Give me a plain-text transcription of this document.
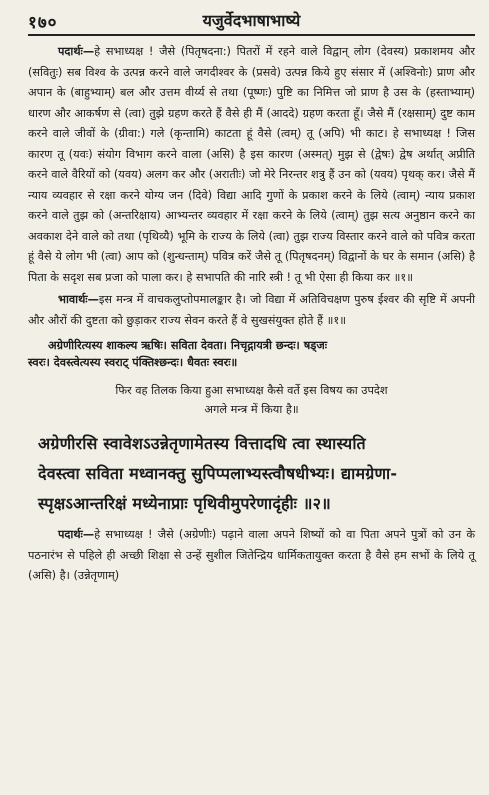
१७०	यजुर्वेदभाषाभाष्ये

पदार्थः—हे सभाध्यक्ष ! जैसे (पितृषदना:) पितरों में रहने वाले विद्वान् लोग (देवस्य) प्रकाशमय और (सवितुः) सब विश्व के उत्पन्न करने वाले जगदीश्वर के (प्रसवे) उत्पन्न किये हुए संसार में (अश्विनोः) प्राण और अपान के (बाहुभ्याम्) बल और उत्तम वीर्य्य से तथा (पूष्णः) पुष्टि का निमित्त जो प्राण है उस के (हस्ताभ्याम्) धारण और आकर्षण से (त्वा) तुझे ग्रहण करते हैं वैसे ही मैं (आददे) ग्रहण करता हूँ। जैसे मैं (रक्षसाम्) दुष्ट काम करने वाले जीवों के (ग्रीवा:) गले (कृन्तामि) काटता हूं वैसे (त्वम्) तू (अपि) भी काट। हे सभाध्यक्ष ! जिस कारण तू (यवः) संयोग विभाग करने वाला (असि) है इस कारण (अस्मत्) मुझ से (द्वेषः) द्वेष अर्थात् अप्रीति करने वाले वैरियों को (यवय) अलग कर और (अरातीः) जो मेरे निरन्तर शत्रु हैं उन को (यवय) पृथक् कर। जैसे मैं न्याय व्यवहार से रक्षा करने योग्य जन (दिवे) विद्या आदि गुणों के प्रकाश करने के लिये (त्वाम्) न्याय प्रकाश करने वाले तुझ को (अन्तरिक्षाय) आभ्यन्तर व्यवहार में रक्षा करने के लिये (त्वाम्) तुझ सत्य अनुष्ठान करने का अवकाश देने वाले को तथा (पृथिव्यै) भूमि के राज्य के लिये (त्वा) तुझ राज्य विस्तार करने वाले को पवित्र करता हूं वैसे ये लोग भी (त्वा) आप को (शुन्धन्ताम्) पवित्र करें जैसे तू (पितृषदनम्) विद्वानों के घर के समान (असि) है पिता के सदृश सब प्रजा को पाला कर। हे सभापति की नारि स्त्री ! तू भी ऐसा ही किया कर ॥१॥

भावार्थः—इस मन्त्र में वाचकलुप्तोपमालङ्कार है। जो विद्या में अतिविचक्षण पुरुष ईश्वर की सृष्टि में अपनी और औरों की दुष्टता को छुड़ाकर राज्य सेवन करते हैं वे सुखसंयुक्त होते हैं ॥१॥

अग्रेणीरित्यस्य शाकल्य ऋषिः। सविता देवता। निचृद्गायत्री छन्दः। षड्जः
स्वरः। देवस्त्वेत्यस्य स्वराट् पंक्तिश्छन्दः। धैवतः स्वरः॥
फिर वह तिलक किया हुआ सभाध्यक्ष कैसे वर्ते इस विषय का उपदेश
अगले मन्त्र में किया है॥
अग्रेणीरसि स्वावेशऽउन्नेतृणामेतस्य वित्तादधि त्वा स्थास्यति
देवस्त्वा सविता मध्वानक्तु सुपिप्पलाभ्यस्त्वौषधीभ्यः। द्यामग्रेणा-
स्पृक्षऽआन्तरिक्षं मध्येनाप्राः पृथिवीमुपरेणादृंहीः ॥२॥

पदार्थः—हे सभाध्यक्ष ! जैसे (अग्रेणीः) पढ़ाने वाला अपने शिष्यों को वा पिता अपने पुत्रों को उन के पठनारंभ से पहिले ही अच्छी शिक्षा से उन्हें सुशील जितेन्द्रिय धार्मिकतायुक्त करता है वैसे हम सभों के लिये तू (असि) है। (उन्नेतृणाम्)
